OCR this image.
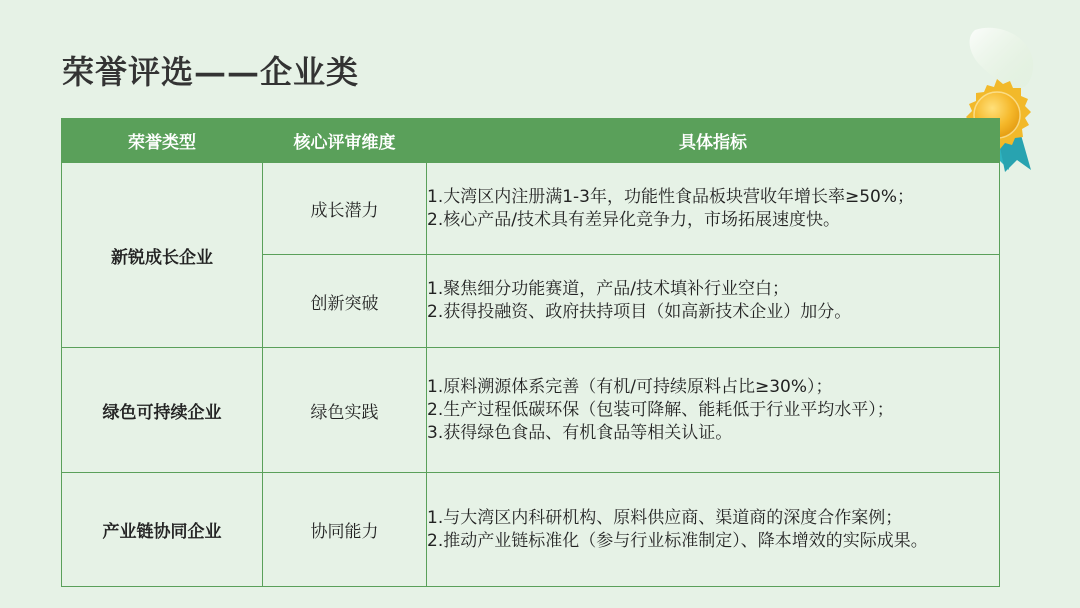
荣誉评选——企业类
荣誉类型	核心评审维度	具体指标
新锐成长企业	成长潜力	1.大湾区内注册满1-3年，功能性食品板块营收年增长率≥50%；
2.核心产品/技术具有差异化竞争力，市场拓展速度快。

	创新突破	1.聚焦细分功能赛道，产品/技术填补行业空白；
2.获得投融资、政府扶持项目（如高新技术企业）加分。

绿色可持续企业	绿色实践	1.原料溯源体系完善（有机/可持续原料占比≥30%）；
2.生产过程低碳环保（包装可降解、能耗低于行业平均水平）；
3.获得绿色食品、有机食品等相关认证。

产业链协同企业	协同能力	1.与大湾区内科研机构、原料供应商、渠道商的深度合作案例；
2.推动产业链标准化（参与行业标准制定）、降本增效的实际成果。
